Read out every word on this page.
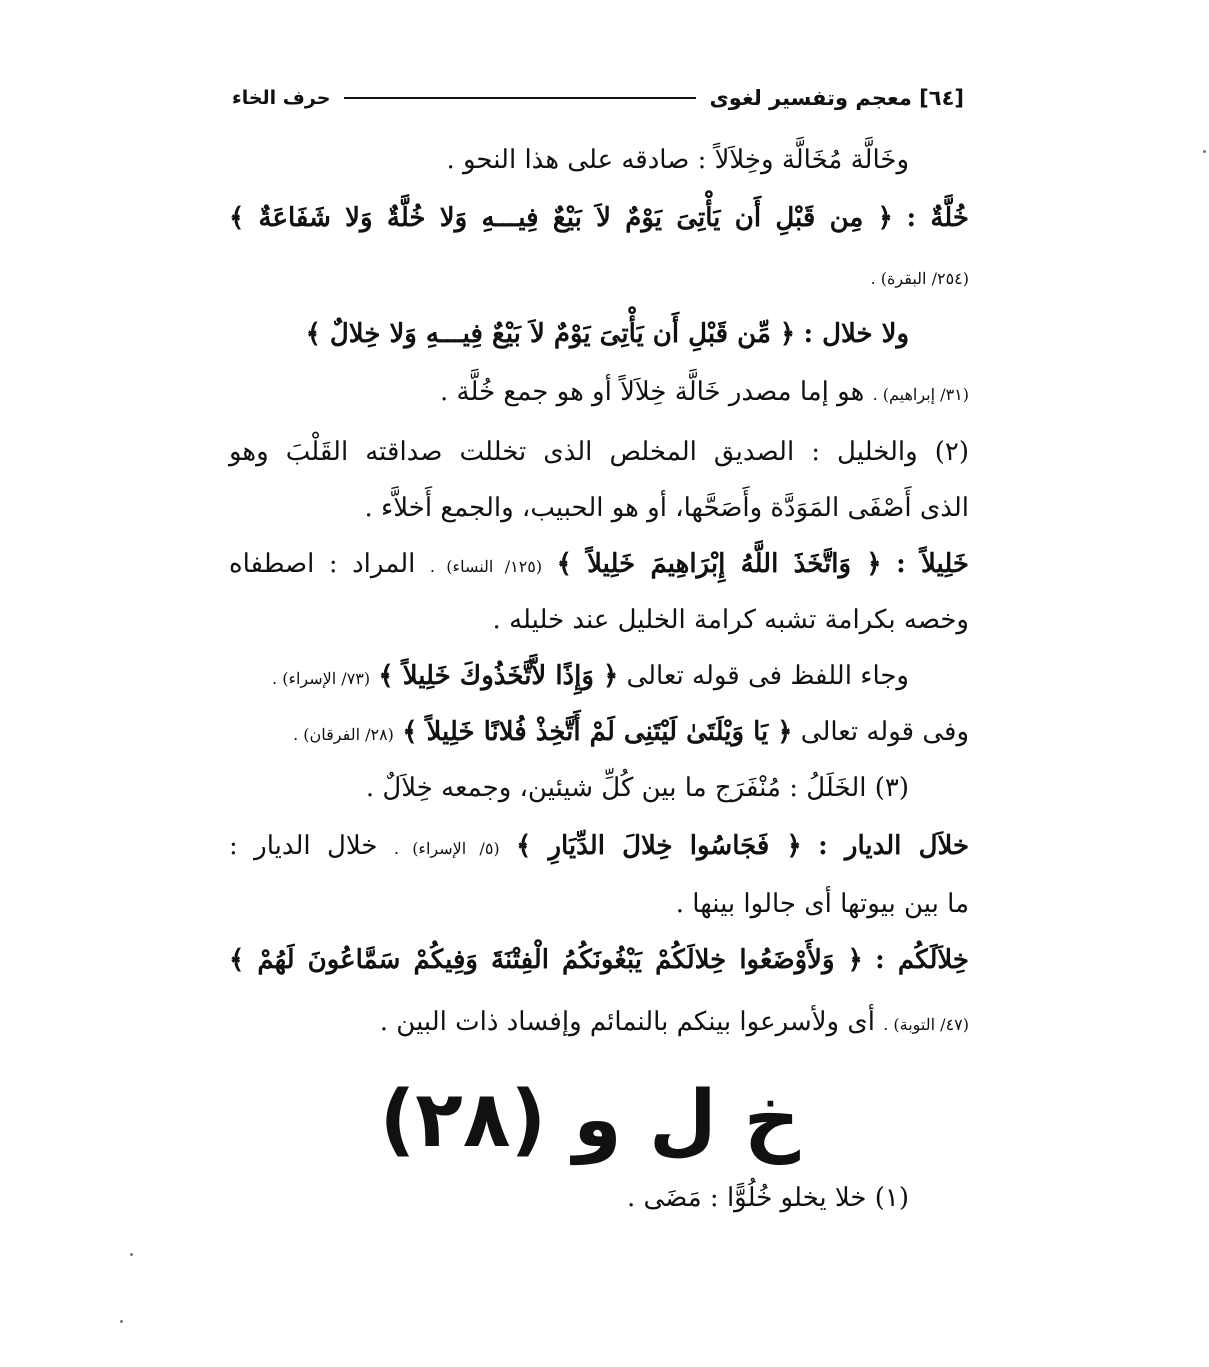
[٦٤] معجم وتفسير لغوى
حرف الخاء
وخَالَّة مُخَالَّة وخِلاَلاً : صادقه على هذا النحو .
خُلَّةٌ : ﴿ مِن قَبْلِ أَن يَأْتِىَ يَوْمٌ لاَ بَيْعٌ فِيـــهِ وَلا خُلَّةٌ وَلا شَفَاعَةٌ ﴾
(٢٥٤/ البقرة) .
ولا خلال : ﴿ مِّن قَبْلِ أَن يَأْتِىَ يَوْمٌ لاَ بَيْعٌ فِيـــهِ وَلا خِلالٌ ﴾
(٣١/ إبراهيم) . هو إما مصدر خَالَّة خِلاَلاً أو هو جمع خُلَّة .
(٢) والخليل : الصديق المخلص الذى تخللت صداقته القَلْبَ وهو
الذى أَصْفَى المَوَدَّة وأَصَحَّها، أو هو الحبيب، والجمع أَخلاَّء .
خَلِيلاً : ﴿ وَاتَّخَذَ اللَّهُ إِبْرَاهِيمَ خَلِيلاً ﴾ (١٢٥/ النساء) . المراد : اصطفاه
وخصه بكرامة تشبه كرامة الخليل عند خليله .
وجاء اللفظ فى قوله تعالى ﴿ وَإِذًا لاَّتَّخَذُوكَ خَلِيلاً ﴾ (٧٣/ الإسراء) .
وفى قوله تعالى ﴿ يَا وَيْلَتَىٰ لَيْتَنِى لَمْ أَتَّخِذْ فُلانًا خَلِيلاً ﴾ (٢٨/ الفرقان) .
(٣) الخَلَلُ : مُنْفَرَج ما بين كُلِّ شيئين، وجمعه خِلاَلٌ .
خلاَل الديار : ﴿ فَجَاسُوا خِلالَ الدِّيَارِ ﴾ (٥/ الإسراء) . خلال الديار :
ما بين بيوتها أى جالوا بينها .
خِلاَلَكُم : ﴿ وَلأَوْضَعُوا خِلالَكُمْ يَبْغُونَكُمُ الْفِتْنَةَ وَفِيكُمْ سَمَّاعُونَ لَهُمْ ﴾
(٤٧/ التوبة) . أى ولأسرعوا بينكم بالنمائم وإفساد ذات البين .
خ ل و (٢٨)
(١) خلا يخلو خُلُوًّا : مَضَى .
